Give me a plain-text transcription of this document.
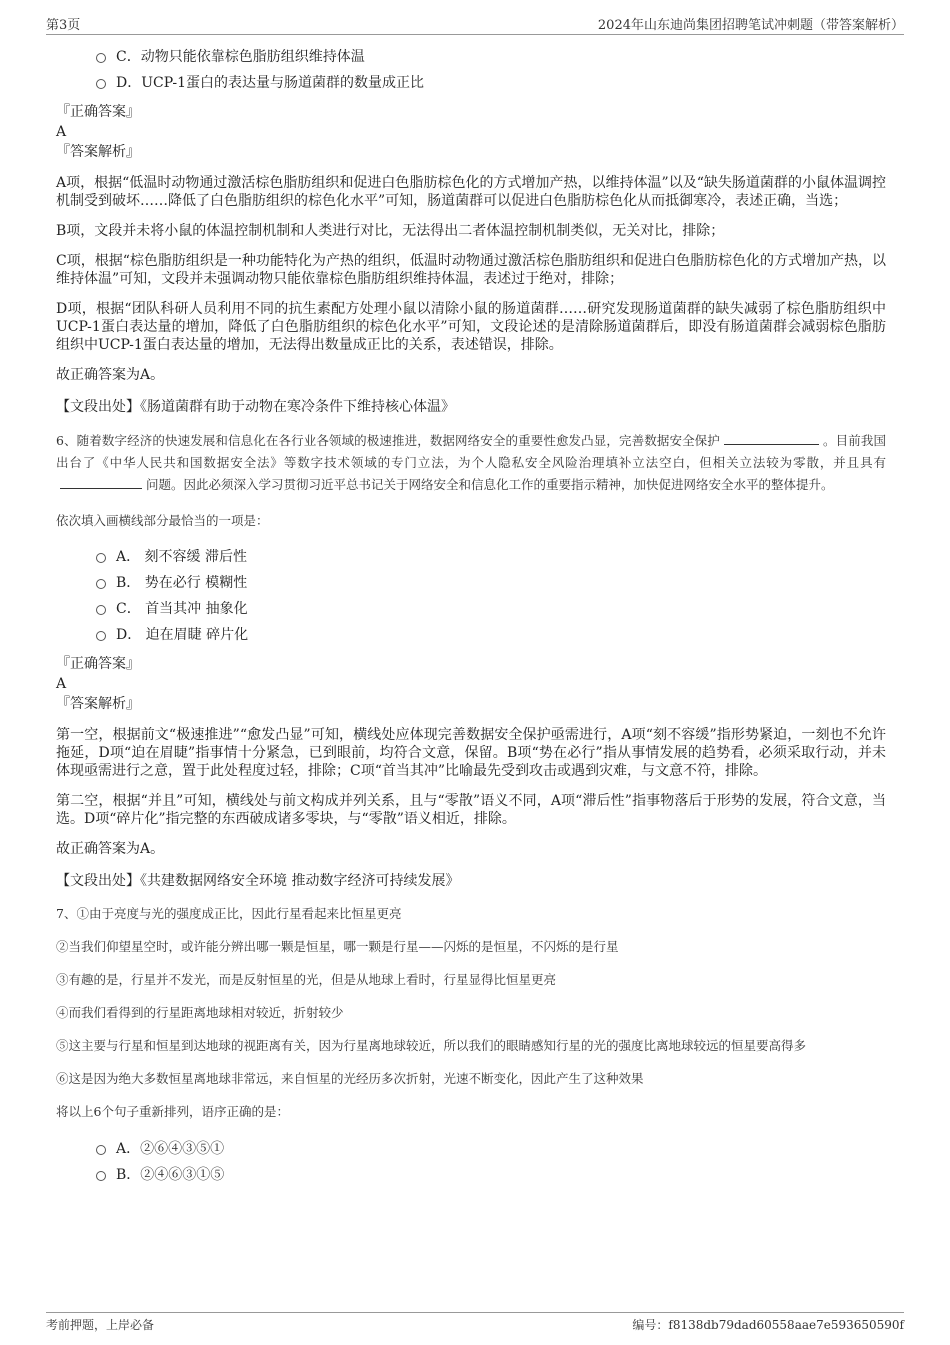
第3页	2024年山东迪尚集团招聘笔试冲刺题（带答案解析）
C．动物只能依靠棕色脂肪组织维持体温
D．UCP-1蛋白的表达量与肠道菌群的数量成正比

『正确答案』

A

『答案解析』

A项，根据“低温时动物通过激活棕色脂肪组织和促进白色脂肪棕色化的方式增加产热，以维持体温”以及“缺失肠道菌群的小鼠体温调控机制受到破坏……降低了白色脂肪组织的棕色化水平”可知，肠道菌群可以促进白色脂肪棕色化从而抵御寒冷，表述正确，当选；

B项，文段并未将小鼠的体温控制机制和人类进行对比，无法得出二者体温控制机制类似，无关对比，排除；

C项，根据“棕色脂肪组织是一种功能特化为产热的组织，低温时动物通过激活棕色脂肪组织和促进白色脂肪棕色化的方式增加产热，以维持体温”可知，文段并未强调动物只能依靠棕色脂肪组织维持体温，表述过于绝对，排除；

D项，根据“团队科研人员利用不同的抗生素配方处理小鼠以清除小鼠的肠道菌群……研究发现肠道菌群的缺失减弱了棕色脂肪组织中UCP-1蛋白表达量的增加，降低了白色脂肪组织的棕色化水平”可知，文段论述的是清除肠道菌群后，即没有肠道菌群会减弱棕色脂肪组织中UCP-1蛋白表达量的增加，无法得出数量成正比的关系，表述错误，排除。

故正确答案为A。

【文段出处】《肠道菌群有助于动物在寒冷条件下维持核心体温》

6、随着数字经济的快速发展和信息化在各行业各领域的极速推进，数据网络安全的重要性愈发凸显，完善数据安全保护	。目前我国出台了《中华人民共和国数据安全法》等数字技术领域的专门立法，为个人隐私安全风险治理填补立法空白，但相关立法较为零散，并且具有问题。因此必须深入学习贯彻习近平总书记关于网络安全和信息化工作的重要指示精神，加快促进网络安全水平的整体提升。

依次填入画横线部分最恰当的一项是：

A． 刻不容缓 滞后性
B． 势在必行 模糊性
C． 首当其冲 抽象化
D． 迫在眉睫 碎片化

『正确答案』

A

『答案解析』

第一空，根据前文“极速推进”“愈发凸显”可知，横线处应体现完善数据安全保护亟需进行，A项“刻不容缓”指形势紧迫，一刻也不允许拖延，D项“迫在眉睫”指事情十分紧急，已到眼前，均符合文意，保留。B项“势在必行”指从事情发展的趋势看，必须采取行动，并未体现亟需进行之意，置于此处程度过轻，排除；C项“首当其冲”比喻最先受到攻击或遇到灾难，与文意不符，排除。

第二空，根据“并且”可知，横线处与前文构成并列关系，且与“零散”语义不同，A项“滞后性”指事物落后于形势的发展，符合文意，当选。D项“碎片化”指完整的东西破成诸多零块，与“零散”语义相近，排除。

故正确答案为A。

【文段出处】《共建数据网络安全环境 推动数字经济可持续发展》

7、①由于亮度与光的强度成正比，因此行星看起来比恒星更亮

②当我们仰望星空时，或许能分辨出哪一颗是恒星，哪一颗是行星——闪烁的是恒星，不闪烁的是行星

③有趣的是，行星并不发光，而是反射恒星的光，但是从地球上看时，行星显得比恒星更亮

④而我们看得到的行星距离地球相对较近，折射较少

⑤这主要与行星和恒星到达地球的视距离有关，因为行星离地球较近，所以我们的眼睛感知行星的光的强度比离地球较远的恒星要高得多

⑥这是因为绝大多数恒星离地球非常远，来自恒星的光经历多次折射，光速不断变化，因此产生了这种效果

将以上6个句子重新排列，语序正确的是：

A．②⑥④③⑤①
B．②④⑥③①⑤
考前押题，上岸必备	编号：f8138db79dad60558aae7e593650590f
